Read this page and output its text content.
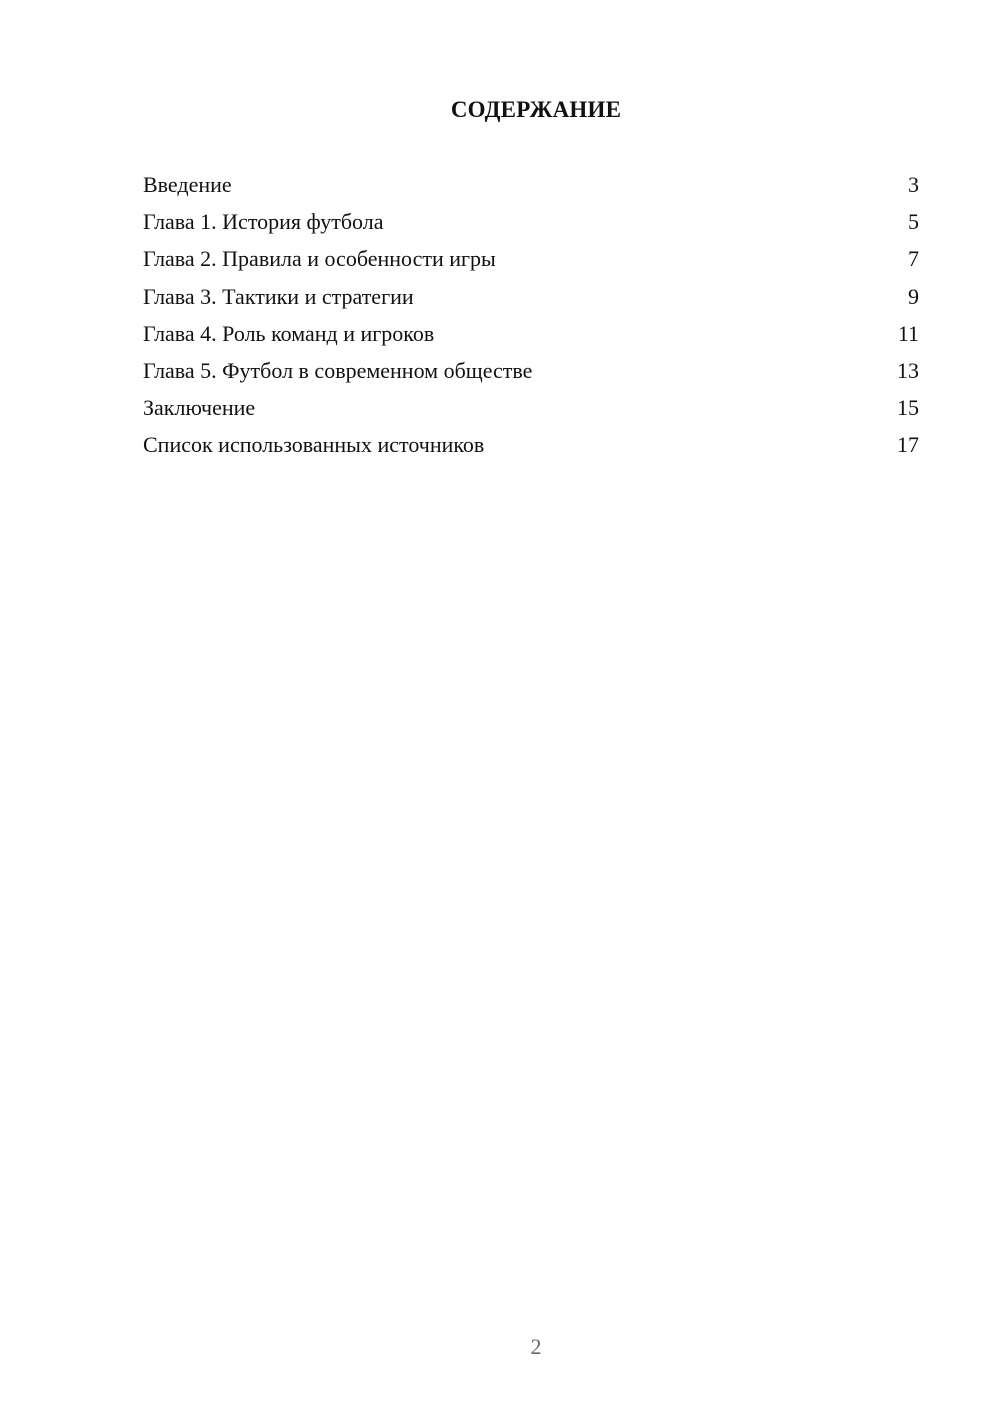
СОДЕРЖАНИЕ
Введение	3
Глава 1. История футбола	5
Глава 2. Правила и особенности игры	7
Глава 3. Тактики и стратегии	9
Глава 4. Роль команд и игроков	11
Глава 5. Футбол в современном обществе	13
Заключение	15
Список использованных источников	17
2
